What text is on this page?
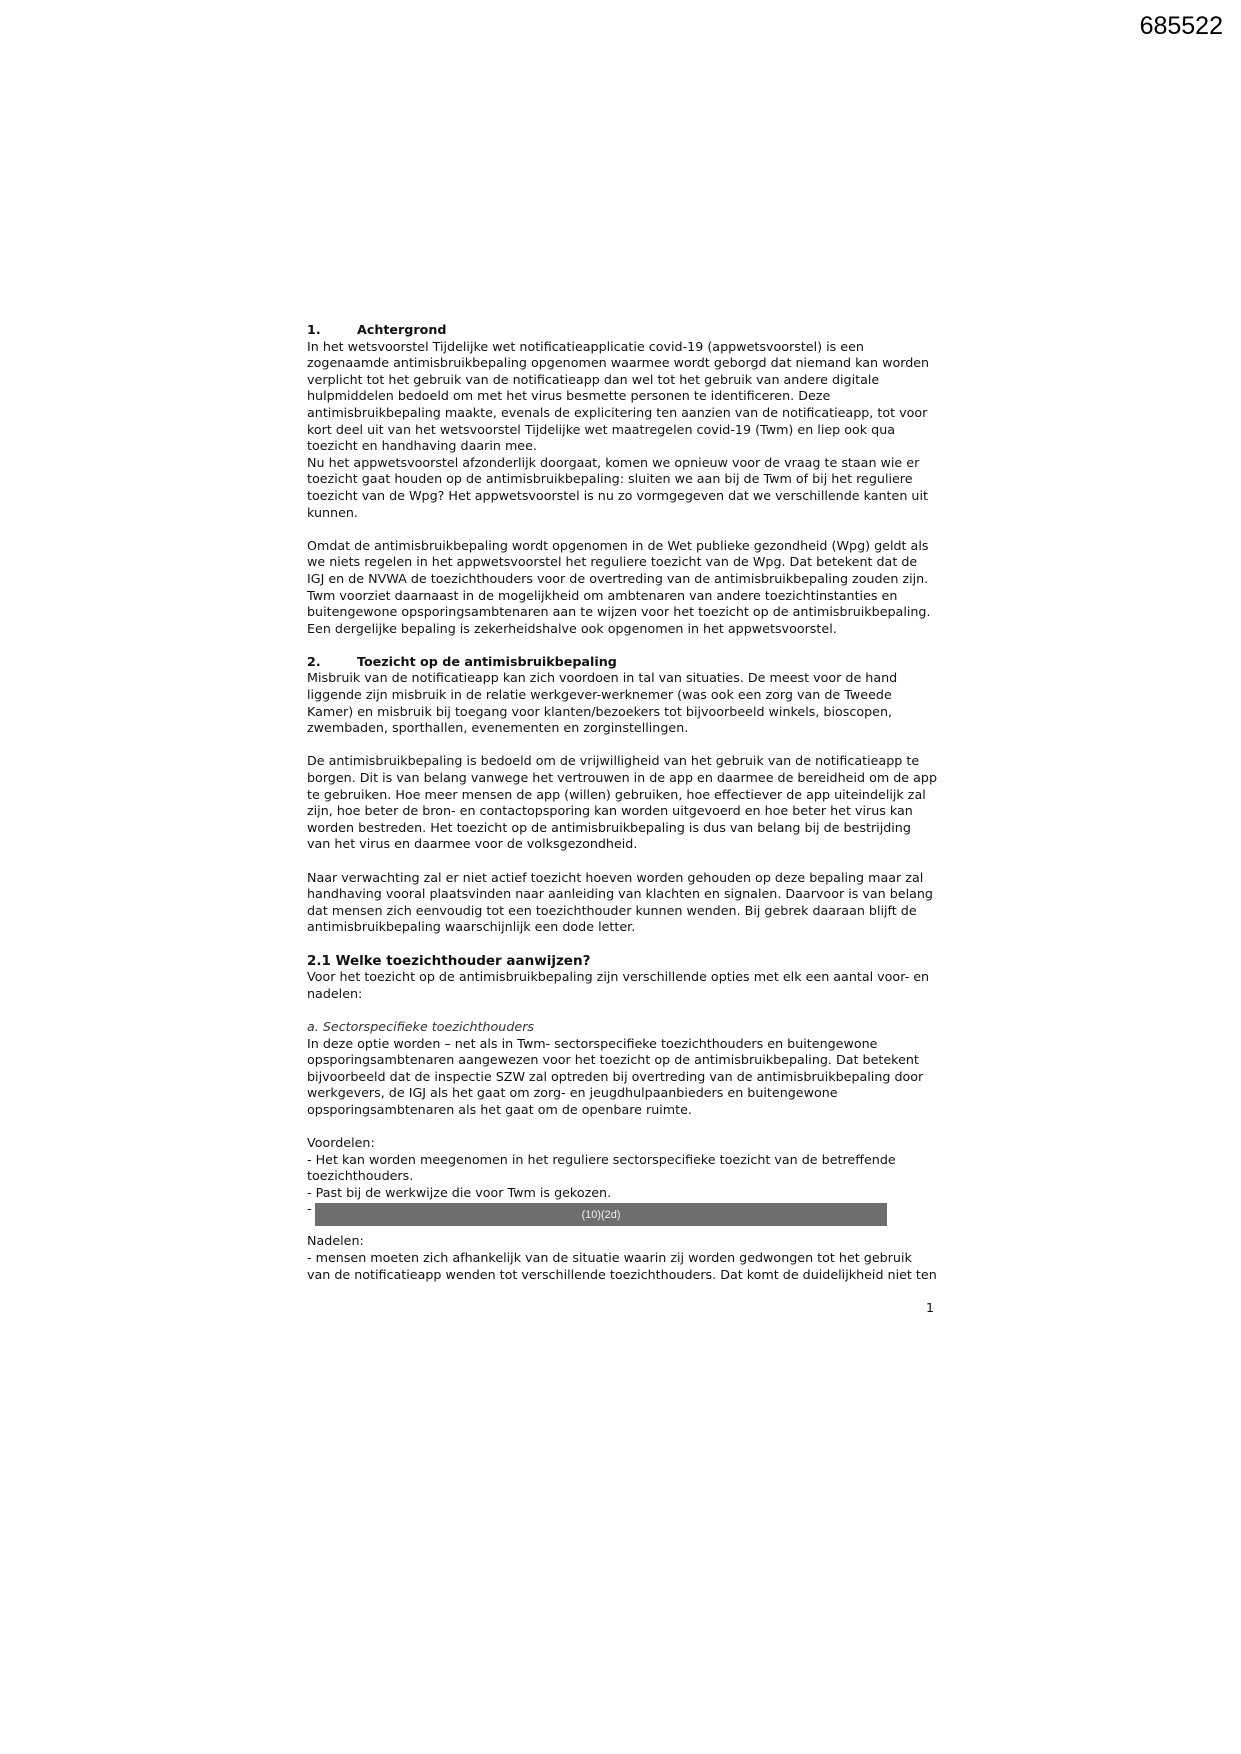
685522

1.	Achtergrond

In het wetsvoorstel Tijdelijke wet notificatieapplicatie covid-19 (appwetsvoorstel) is een zogenaamde antimisbruikbepaling opgenomen waarmee wordt geborgd dat niemand kan worden verplicht tot het gebruik van de notificatieapp dan wel tot het gebruik van andere digitale hulpmiddelen bedoeld om met het virus besmette personen te identificeren. Deze antimisbruikbepaling maakte, evenals de explicitering ten aanzien van de notificatieapp, tot voor kort deel uit van het wetsvoorstel Tijdelijke wet maatregelen covid-19 (Twm) en liep ook qua toezicht en handhaving daarin mee.

Nu het appwetsvoorstel afzonderlijk doorgaat, komen we opnieuw voor de vraag te staan wie er toezicht gaat houden op de antimisbruikbepaling: sluiten we aan bij de Twm of bij het reguliere toezicht van de Wpg? Het appwetsvoorstel is nu zo vormgegeven dat we verschillende kanten uit kunnen.

Omdat de antimisbruikbepaling wordt opgenomen in de Wet publieke gezondheid (Wpg) geldt als we niets regelen in het appwetsvoorstel het reguliere toezicht van de Wpg. Dat betekent dat de IGJ en de NVWA de toezichthouders voor de overtreding van de antimisbruikbepaling zouden zijn. Twm voorziet daarnaast in de mogelijkheid om ambtenaren van andere toezichtinstanties en buitengewone opsporingsambtenaren aan te wijzen voor het toezicht op de antimisbruikbepaling. Een dergelijke bepaling is zekerheidshalve ook opgenomen in het appwetsvoorstel.

2.	Toezicht op de antimisbruikbepaling

Misbruik van de notificatieapp kan zich voordoen in tal van situaties. De meest voor de hand liggende zijn misbruik in de relatie werkgever-werknemer (was ook een zorg van de Tweede Kamer) en misbruik bij toegang voor klanten/bezoekers tot bijvoorbeeld winkels, bioscopen, zwembaden, sporthallen, evenementen en zorginstellingen.

De antimisbruikbepaling is bedoeld om de vrijwilligheid van het gebruik van de notificatieapp te borgen. Dit is van belang vanwege het vertrouwen in de app en daarmee de bereidheid om de app te gebruiken. Hoe meer mensen de app (willen) gebruiken, hoe effectiever de app uiteindelijk zal zijn, hoe beter de bron- en contactopsporing kan worden uitgevoerd en hoe beter het virus kan worden bestreden. Het toezicht op de antimisbruikbepaling is dus van belang bij de bestrijding van het virus en daarmee voor de volksgezondheid.

Naar verwachting zal er niet actief toezicht hoeven worden gehouden op deze bepaling maar zal handhaving vooral plaatsvinden naar aanleiding van klachten en signalen. Daarvoor is van belang dat mensen zich eenvoudig tot een toezichthouder kunnen wenden. Bij gebrek daaraan blijft de antimisbruikbepaling waarschijnlijk een dode letter.

2.1 Welke toezichthouder aanwijzen?

Voor het toezicht op de antimisbruikbepaling zijn verschillende opties met elk een aantal voor- en nadelen:

a. Sectorspecifieke toezichthouders

In deze optie worden – net als in Twm- sectorspecifieke toezichthouders en buitengewone opsporingsambtenaren aangewezen voor het toezicht op de antimisbruikbepaling. Dat betekent bijvoorbeeld dat de inspectie SZW zal optreden bij overtreding van de antimisbruikbepaling door werkgevers, de IGJ als het gaat om zorg- en jeugdhulpaanbieders en buitengewone opsporingsambtenaren als het gaat om de openbare ruimte.

Voordelen:

- Het kan worden meegenomen in het reguliere sectorspecifieke toezicht van de betreffende toezichthouders.

- Past bij de werkwijze die voor Twm is gekozen.

-	(10)(2d)

Nadelen:

- mensen moeten zich afhankelijk van de situatie waarin zij worden gedwongen tot het gebruik van de notificatieapp wenden tot verschillende toezichthouders. Dat komt de duidelijkheid niet ten

1
